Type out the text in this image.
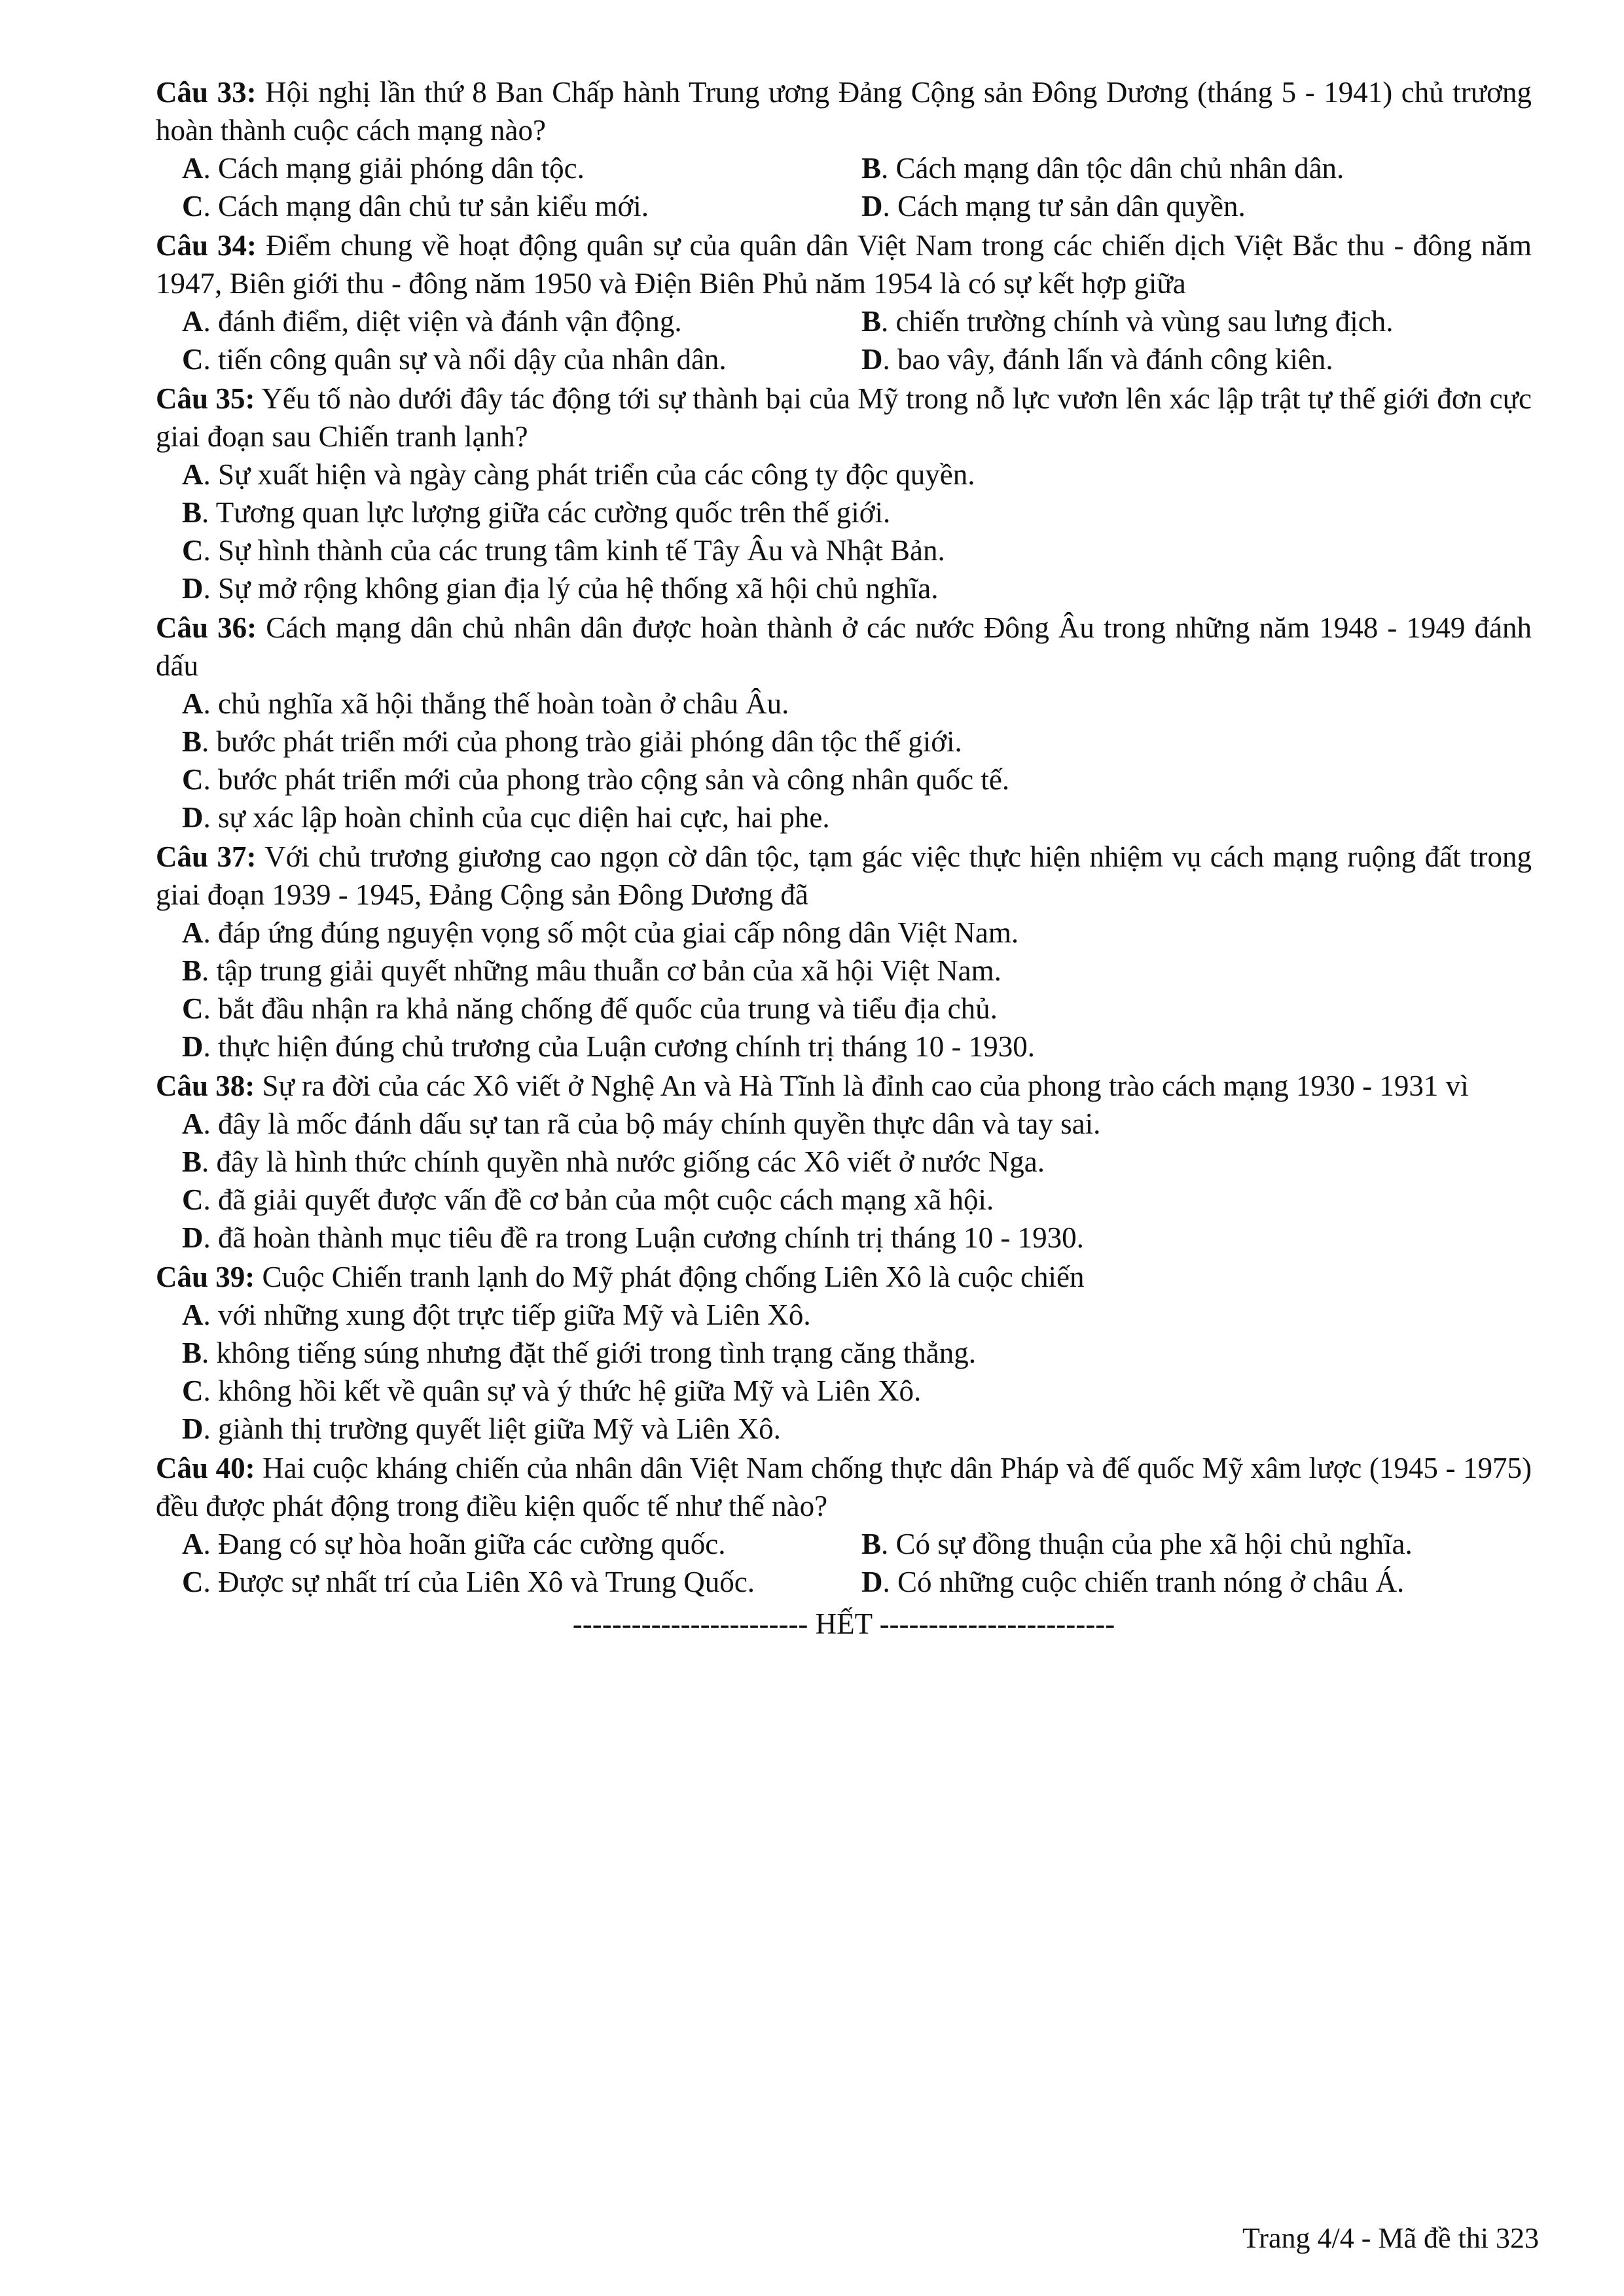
Câu 33: Hội nghị lần thứ 8 Ban Chấp hành Trung ương Đảng Cộng sản Đông Dương (tháng 5 - 1941) chủ trương hoàn thành cuộc cách mạng nào?
A. Cách mạng giải phóng dân tộc.	B. Cách mạng dân tộc dân chủ nhân dân.
C. Cách mạng dân chủ tư sản kiểu mới.	D. Cách mạng tư sản dân quyền.
Câu 34: Điểm chung về hoạt động quân sự của quân dân Việt Nam trong các chiến dịch Việt Bắc thu - đông năm 1947, Biên giới thu - đông năm 1950 và Điện Biên Phủ năm 1954 là có sự kết hợp giữa
A. đánh điểm, diệt viện và đánh vận động.	B. chiến trường chính và vùng sau lưng địch.
C. tiến công quân sự và nổi dậy của nhân dân.	D. bao vây, đánh lấn và đánh công kiên.
Câu 35: Yếu tố nào dưới đây tác động tới sự thành bại của Mỹ trong nỗ lực vươn lên xác lập trật tự thế giới đơn cực giai đoạn sau Chiến tranh lạnh?
A. Sự xuất hiện và ngày càng phát triển của các công ty độc quyền.
B. Tương quan lực lượng giữa các cường quốc trên thế giới.
C. Sự hình thành của các trung tâm kinh tế Tây Âu và Nhật Bản.
D. Sự mở rộng không gian địa lý của hệ thống xã hội chủ nghĩa.
Câu 36: Cách mạng dân chủ nhân dân được hoàn thành ở các nước Đông Âu trong những năm 1948 - 1949 đánh dấu
A. chủ nghĩa xã hội thắng thế hoàn toàn ở châu Âu.
B. bước phát triển mới của phong trào giải phóng dân tộc thế giới.
C. bước phát triển mới của phong trào cộng sản và công nhân quốc tế.
D. sự xác lập hoàn chỉnh của cục diện hai cực, hai phe.
Câu 37: Với chủ trương giương cao ngọn cờ dân tộc, tạm gác việc thực hiện nhiệm vụ cách mạng ruộng đất trong giai đoạn 1939 - 1945, Đảng Cộng sản Đông Dương đã
A. đáp ứng đúng nguyện vọng số một của giai cấp nông dân Việt Nam.
B. tập trung giải quyết những mâu thuẫn cơ bản của xã hội Việt Nam.
C. bắt đầu nhận ra khả năng chống đế quốc của trung và tiểu địa chủ.
D. thực hiện đúng chủ trương của Luận cương chính trị tháng 10 - 1930.
Câu 38: Sự ra đời của các Xô viết ở Nghệ An và Hà Tĩnh là đỉnh cao của phong trào cách mạng 1930 - 1931 vì
A. đây là mốc đánh dấu sự tan rã của bộ máy chính quyền thực dân và tay sai.
B. đây là hình thức chính quyền nhà nước giống các Xô viết ở nước Nga.
C. đã giải quyết được vấn đề cơ bản của một cuộc cách mạng xã hội.
D. đã hoàn thành mục tiêu đề ra trong Luận cương chính trị tháng 10 - 1930.
Câu 39: Cuộc Chiến tranh lạnh do Mỹ phát động chống Liên Xô là cuộc chiến
A. với những xung đột trực tiếp giữa Mỹ và Liên Xô.
B. không tiếng súng nhưng đặt thế giới trong tình trạng căng thẳng.
C. không hồi kết về quân sự và ý thức hệ giữa Mỹ và Liên Xô.
D. giành thị trường quyết liệt giữa Mỹ và Liên Xô.
Câu 40: Hai cuộc kháng chiến của nhân dân Việt Nam chống thực dân Pháp và đế quốc Mỹ xâm lược (1945 - 1975) đều được phát động trong điều kiện quốc tế như thế nào?
A. Đang có sự hòa hoãn giữa các cường quốc.	B. Có sự đồng thuận của phe xã hội chủ nghĩa.
C. Được sự nhất trí của Liên Xô và Trung Quốc.	D. Có những cuộc chiến tranh nóng ở châu Á.
------------------------ HẾT ------------------------
Trang 4/4 - Mã đề thi 323
